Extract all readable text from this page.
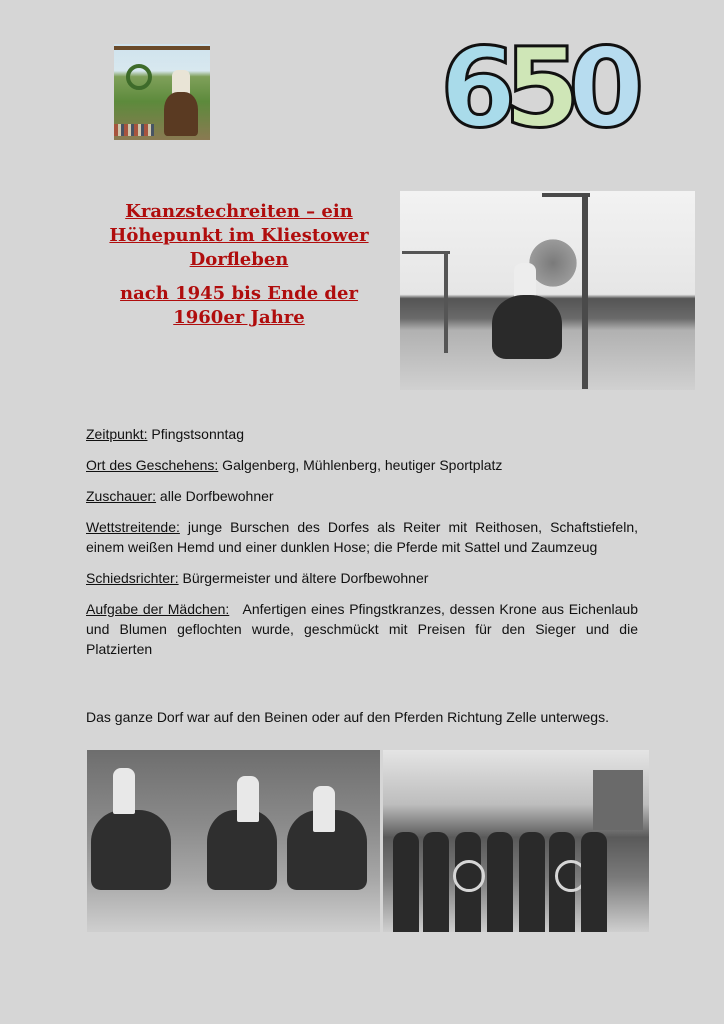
6
5
0

Kranzstechreiten – ein Höhepunkt im Kliestower Dorfleben

nach 1945 bis Ende der 1960er Jahre

Zeitpunkt: Pfingstsonntag

Ort des Geschehens: Galgenberg, Mühlenberg, heutiger Sportplatz

Zuschauer: alle Dorfbewohner

Wettstreitende: junge Burschen des Dorfes als Reiter mit Reithosen, Schaftstiefeln, einem weißen Hemd und einer dunklen Hose; die Pferde mit Sattel und Zaumzeug

Schiedsrichter: Bürgermeister und ältere Dorfbewohner

Aufgabe der Mädchen:   Anfertigen eines Pfingstkranzes, dessen Krone aus Eichenlaub und Blumen geflochten wurde, geschmückt mit Preisen für den Sieger und die Platzierten

Das ganze Dorf war auf den Beinen oder auf den Pferden Richtung Zelle unterwegs.
